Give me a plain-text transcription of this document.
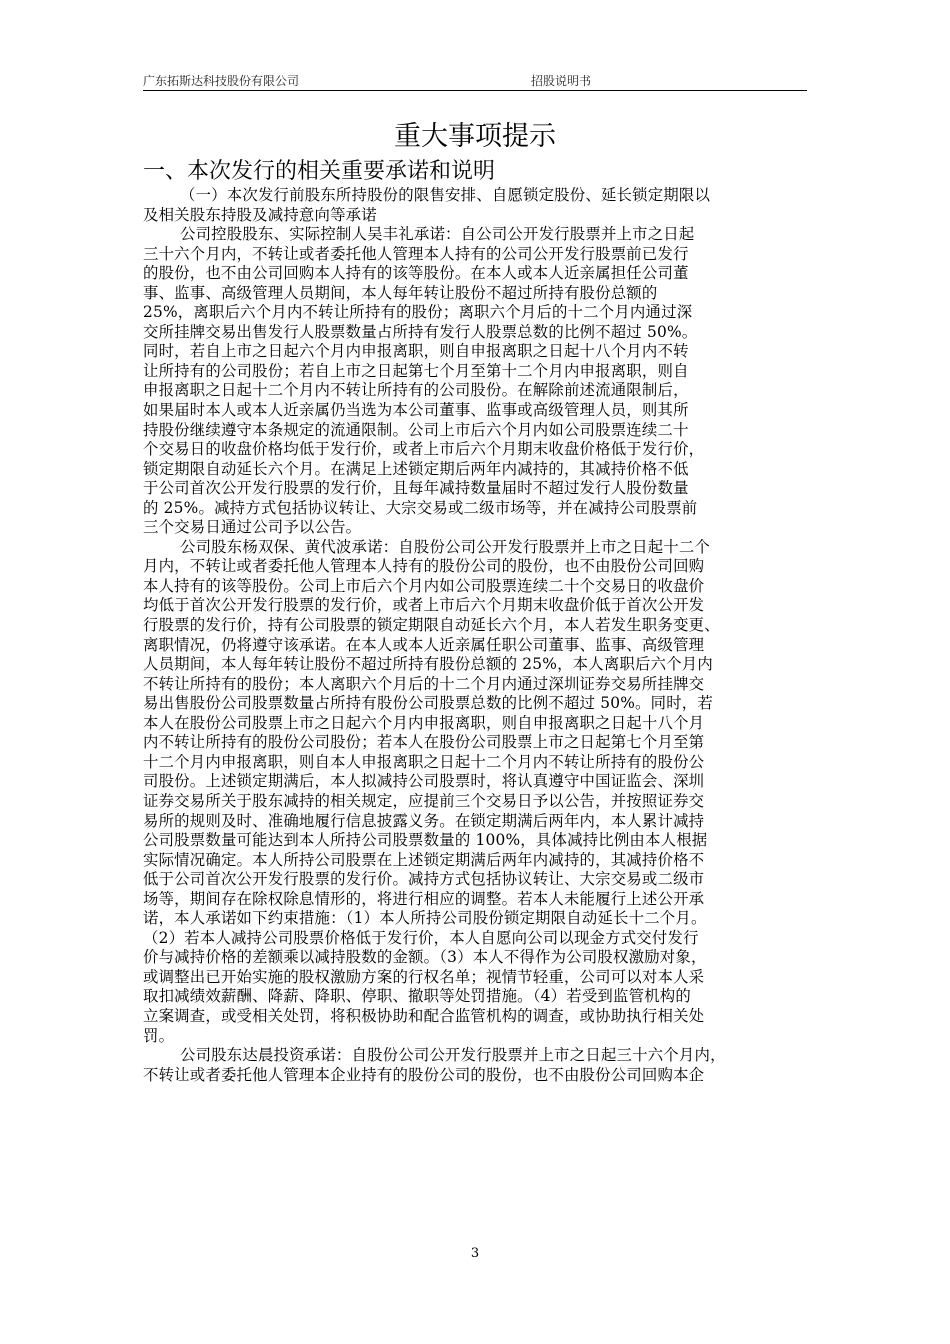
广东拓斯达科技股份有限公司	招股说明书
重大事项提示
一、本次发行的相关重要承诺和说明
（一）本次发行前股东所持股份的限售安排、自愿锁定股份、延长锁定期限以
及相关股东持股及减持意向等承诺
公司控股股东、实际控制人吴丰礼承诺：自公司公开发行股票并上市之日起
三十六个月内，不转让或者委托他人管理本人持有的公司公开发行股票前已发行
的股份，也不由公司回购本人持有的该等股份。在本人或本人近亲属担任公司董
事、监事、高级管理人员期间，本人每年转让股份不超过所持有股份总额的
25%，离职后六个月内不转让所持有的股份；离职六个月后的十二个月内通过深
交所挂牌交易出售发行人股票数量占所持有发行人股票总数的比例不超过 50%。
同时，若自上市之日起六个月内申报离职，则自申报离职之日起十八个月内不转
让所持有的公司股份；若自上市之日起第七个月至第十二个月内申报离职，则自
申报离职之日起十二个月内不转让所持有的公司股份。在解除前述流通限制后，
如果届时本人或本人近亲属仍当选为本公司董事、监事或高级管理人员，则其所
持股份继续遵守本条规定的流通限制。公司上市后六个月内如公司股票连续二十
个交易日的收盘价格均低于发行价，或者上市后六个月期末收盘价格低于发行价，
锁定期限自动延长六个月。在满足上述锁定期后两年内减持的，其减持价格不低
于公司首次公开发行股票的发行价，且每年减持数量届时不超过发行人股份数量
的 25%。减持方式包括协议转让、大宗交易或二级市场等，并在减持公司股票前
三个交易日通过公司予以公告。
公司股东杨双保、黄代波承诺：自股份公司公开发行股票并上市之日起十二个
月内，不转让或者委托他人管理本人持有的股份公司的股份，也不由股份公司回购
本人持有的该等股份。公司上市后六个月内如公司股票连续二十个交易日的收盘价
均低于首次公开发行股票的发行价，或者上市后六个月期末收盘价低于首次公开发
行股票的发行价，持有公司股票的锁定期限自动延长六个月，本人若发生职务变更、
离职情况，仍将遵守该承诺。在本人或本人近亲属任职公司董事、监事、高级管理
人员期间，本人每年转让股份不超过所持有股份总额的 25%，本人离职后六个月内
不转让所持有的股份；本人离职六个月后的十二个月内通过深圳证券交易所挂牌交
易出售股份公司股票数量占所持有股份公司股票总数的比例不超过 50%。同时，若
本人在股份公司股票上市之日起六个月内申报离职，则自申报离职之日起十八个月
内不转让所持有的股份公司股份；若本人在股份公司股票上市之日起第七个月至第
十二个月内申报离职，则自本人申报离职之日起十二个月内不转让所持有的股份公
司股份。上述锁定期满后，本人拟减持公司股票时，将认真遵守中国证监会、深圳
证券交易所关于股东减持的相关规定，应提前三个交易日予以公告，并按照证券交
易所的规则及时、准确地履行信息披露义务。在锁定期满后两年内，本人累计减持
公司股票数量可能达到本人所持公司股票数量的 100%，具体减持比例由本人根据
实际情况确定。本人所持公司股票在上述锁定期满后两年内减持的，其减持价格不
低于公司首次公开发行股票的发行价。减持方式包括协议转让、大宗交易或二级市
场等，期间存在除权除息情形的，将进行相应的调整。若本人未能履行上述公开承
诺，本人承诺如下约束措施：（1）本人所持公司股份锁定期限自动延长十二个月。
（2）若本人减持公司股票价格低于发行价，本人自愿向公司以现金方式交付发行
价与减持价格的差额乘以减持股数的金额。（3）本人不得作为公司股权激励对象，
或调整出已开始实施的股权激励方案的行权名单；视情节轻重，公司可以对本人采
取扣减绩效薪酬、降薪、降职、停职、撤职等处罚措施。（4）若受到监管机构的
立案调查，或受相关处罚，将积极协助和配合监管机构的调查，或协助执行相关处
罚。
公司股东达晨投资承诺：自股份公司公开发行股票并上市之日起三十六个月内，
不转让或者委托他人管理本企业持有的股份公司的股份，也不由股份公司回购本企
3
